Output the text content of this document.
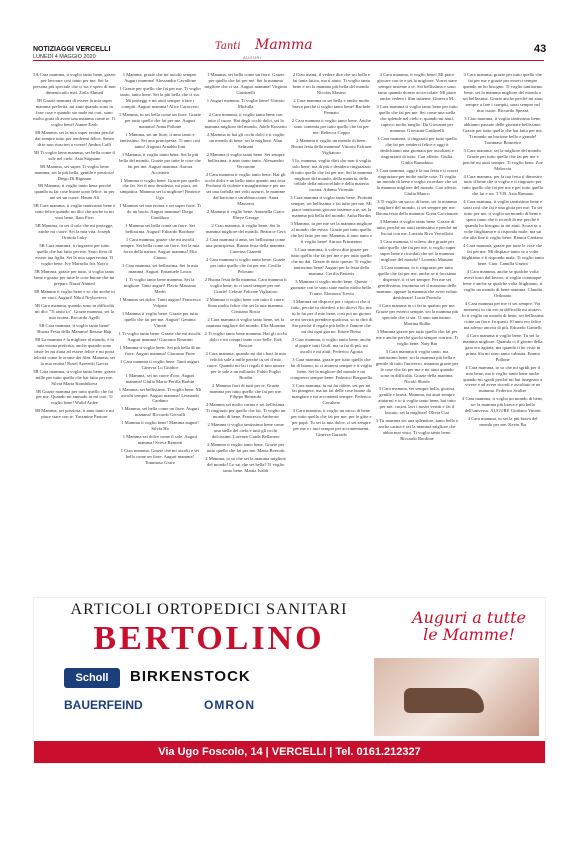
NOTIZIAGGI VERCELLI
LUNEDÌ 4 MAGGIO 2020
Tanti Mamma
AUGURI
43

5A Cara mamma, ti voglio tanto bene, grazie per lavorare così tanto per me. Sei la persona più speciale che ci sia e spero di non dimenticarlo mai. Zaila Ahmed

5B Grazie mamma di essere la mia super mamma preferita, mi aiuti quando sono in fase cose e quando sto male mi curi, sono molto grata di avere una mamma come te. Ti voglio bene! Aimee Ezeh

5B Mamma, sei la mia super eroina perché dai sempre tutto per rendermi felice. Senza di te non riuscirei a vivere! Ambra Caffi

5B Ti voglio bene mamma, sei bella come il sole nel cielo. Asia Stignano

5B Mamma, sei super. Ti voglio bene mamma, sei la più bella, gentile e preziosa! Diego Di Rignano

5B Mamma, ti voglio tanto bene perché quando tu fai cose buone sono felice, tu per me sei un cuore. Hasan Ali

5B Cara mamma, ti voglio tantissimo bene e sono felice quando mi dici che anche tu mi vuoi bene. Ilam Fieri

5B Mamma, tu sei il sole che mi protegge, anche mi cuore. Sei la mia vita. Joseph Orinola Luky

5B Cara mamma, ti ringrazio per tutto quello che hai fatto per me. Sono fiera di essere tua figlia. Sei la mia supereroina. Ti voglio bene. Ivy Marselia Iris Nayra

5B Mamma, grazie per tutto, ti voglio tanto bene e grazie per tutte le cose buone che mi prepari. Nazaf Ahmed

5B Mamma ti voglio bene e so che anche tu ne vuoi. Auguri! Nikol Nrybovievs

5B Cara mamma, quando sono in difficoltà mi dici "Ti aiuto io". Grazie mamma, sei la mia eroina. Riccardo Agelli

5B Cara mamma, ti voglio tanto bene! Buona Festa della Mamma! Rezaur Haji

5B La mamma è la migliore al mondo, è la mia eroina preferita, anche quando sono triste lei mi aiuta ad essere felice e mi porta felicità come le eroine dei film. Mamma, sei la mia eroina! Rosel Azevedo Garcia

5B Cara mamma, ti voglio tanto bene, grazie mille per tutto quello che hai fatto per me. Silvia Maria Kaushikova

5B Grazie mamma per tutto quello che fai per me. Quando mi ammalo tu mi curi. Ti voglio bene! Walid Ardee

5B Mamma, sei preziosa, ti amo tanto e mi piace stare con te. Yassmine Pastore

1 Mamma, grazie che mi ascolti sempre. Auguri mamma! Alessandro Cavallone

1 Grazie per quello che fai per me. Ti voglio tanto, tanto bene. Sei la più bella che ci sia. Mi proteggi e mi aiuti sempre a fare i compiti. Auguri mamma! Alice Caraccero

1 Mamma, tu sei bella come un fiore. Grazie per tutto quello che fai per me. Auguri mamma! Anna Pollone

1 Mamma, sei un fiore, ti amo tanto e tantissimo. Sei una principessa. Ti amo così tanto! Augusti Arnaldo Ioni

1 Mamma, ti voglio tanto bene. Sei la più bella del mondo. Grazie per tutte le cose che fai per me. Auguri mamma. Aurora Accettura

1 Mamma ti voglio bene. Grazie per quello che fai. Sei il mio desiderio, mi piaci, sei simpatica. Mamma sei la migliore! Beatrice Ugo

1 Mamma sei una eroina e sei super forte. Ti do un bacio. Auguri mamma! Diego Candiloro

1 Mamma sei bella come un fiore. Sei bellissima. Auguri! Edoardo Bordone

1 Cara mamma, grazie che mi ascolti sempre. Sei bella come un fiore. Sei la mia forza della natura. Auguri mamma! Elia Caruso

1 Ciao mamma, sei bellissima. Sei la mia mamma. Auguri. Emanuele Loscu

1 Ti voglio tanto bene mamma. Sei la migliore. Tanti auguri! Flavio Massimo Medri

1 Mamma sei dolce. Tanti auguri! Francesco Volpato

1 Mamma ti voglio bene. Grazie per tutto quello che fai per me. Auguri! Gemma Vinotti

1 Ti voglio tanto bene. Grazie che mi ascolti. Auguri mamma! Giacomo Rosmini

1 Mamma ti voglio bene. Sei più bella di un fiore. Auguri mamma! Giacomo Fiore

1 Cara mamma ti voglio bene. Tanti auguri. Ginevra Lo Giudice

1 Mamma, sei un cuore d'oro. Auguri mamma! Giulio Mario Perilla Barbin

1 Mamma, sei bellissima. Ti voglio bene. Mi ascolti sempre. Auguri mamma! Leonardo Cardano

1 Mamma, sei bella come un fiore. Auguri mamma! Riccardo Gervalli

1 Mamma ti voglio bene! Mamma auguri! Silvia Ha

1 Mamma sei dolce come il sole. Auguri mamma! Sveva Bernetti

1 Ciao mamma. Grazie che mi ascolti e sei bella come un fiore. Auguri mamma! Tommaso Grace

1 Mamma, sei bella come un fiore. Grazie per quello che fai per me. Sei la mamma migliore che ci sia. Auguri mamma! Virginia Guidarelli

1 Auguri mamma. Ti voglio bene! Vittorio Michilla

2 Cara mamma, ti voglio tanto bene con tutto il cuore. Hai degli occhi dolci, sei la mamma migliore del mondo. Adele Rossetto

2 Mamma tu hai gli occhi dolci e ti voglio un mondo di bene, sei la migliore. Alan Selmani

2 Mamma ti voglio tanto bene. Sei sempre bellissima, ti amo tanto tanto. Alessandro Vercarone

2 Cara mamma ti voglio tanto bene. Hai gli occhi dolci e un bello tanto quanto una rosa. Profumi di violette e margheritine e per me sei una farfalla nei volti azzurri, le mamme dal bacione e un abbraccione. Anna Masserra

2 Mamma ti voglio bene. Antonella Grace Ebeye George

2 Ciao mamma, ti voglio bene. Sei la mamma migliore del mondo. Beatrice Gera

2 Cara mamma ti amo, sei bellissima come una principessa. Buona festa della mamma. Caterina Gianetti

2 Cara mamma ti voglio tanto bene. Grazie per tutto quello che fai per me. Cecilia Pelosino

2 Buona festa della mamma. Cara mamma ti voglio bene, tu ci sarai sempre per me. Grazie! Celeste Falcone Vigliatoro

2 Mamma ti voglio bene con tutto il cuore. Sono molto felice che sei la mia mamma. Cristiano Rosio

2 Cara mamma ti voglio tanto bene, sei la mamma migliore del mondo. Elia Moarina

2 Ti voglio tanto bene mamma. Hai gli occhi dolci e mi compri tante cose belle. Erik Boscoe

2 Cara mamma, quando mi dai i baci la mia felicità sale a mille perché tu sei il mio cuore. Quando mi fai i regali il mio umore per te sale a un miliardo. Fabio Foglio Bordin

2 Mamma fiori di tutti per te. Grazie mamma per tutto quello che fai per me. Filippo Bernardo

2 Mamma sei molto carina e sei bellissima. Ti ringrazio per quello che fai. Ti voglio un mondo di bene. Francesca Ambrose

2 Mamma ti voglio tantissimo bene come una stella del cielo e tutti gli occhi dolcissimi. Lorenzo Garda Bellanero

2 Mamma ti voglio tanto bene. Grazie per tutto quello che fai per me. Maria Boerotti

2 Mamma, io so che sei la mamma migliore del mondo! Lo sai che sei bella? Ti voglio tanto bene. Mattia Ivaldi

2 Ciao mami, il vedere dire che sei bella e fai tanta fatica, ma ti aiuto. Ti voglio tanto bene e sei la mamma più bella del mondo. Nicolas Masino

2 Cara mamma tu sei bella e anche molto brava perché ti voglio tanto bene! Rachele Pennato

2 Cara mamma ti voglio tanto bene, Anche sono contenta per tutto quello che fai per me. Rebecca Coppo

2 Mamma ti voglio un mondo di bene. Buona festa della mamma! Vittorio Falcone Vigliatoro

3 Io, mamma, voglio dirti che non ti voglio solo bene, ma di più e desidero ringraziarti di tutto quello che fai per me. Sei la mamma migliore del mondo, della materia, delle cellule della microcellule e della materia oscura. Adamo Vicentin

3 Cara mamma ti voglio tanto bene. Profumi sempre, sei bellissima e fai tutto per me. Mi piace tantissimo giocare insieme a te, sei la mamma più bella del mondo. Anita Bordin

3 Mamma, tu per me sei la mamma migliore al mondo che esista. Grazie per tutto quello che hai fatto per me. Mamma, ti amo tanto e ti voglio bene! Aurora Primerano

3 Cara mamma, ti volevo dire grazie per tutto quello che fai per me e per tutto quello che mi dai. Grazie di tutto questo. Ti voglio tantissimo bene! Auguri per la festa della mamma. Cecilia Pasteris

3 Mamma ti voglio molto bene. Queste giornate con te sono state molto molto belle. Ti amo. Eleonora Treviu

3 Mamma mi disprace per i capricci che ti fatto, perché tu chiedevi e ho dicevi No, ma tu lo fai per il mio bene, così poi un giorno se mi servirà prendere qualcosa, so io dirò di Sto perché il regalo più bello è l'amore che mi dai ogni giorno. Ettore Bosso

3 Ciao mamma, ti voglio tanto bene, anche al papà e tutti Giuli, ma tu fai di più. mi ascolti e mi aiuti. Federico Agosta

3 Cara mamma, grazie per tutto quello che fai di buono, tu ci aiuterai sempre e ti voglio bene. Sei la migliore del mondo e mi comprerei sempre bene. Federico Borgarello

3 Cara mamma, tu mi fai ridere, sei per mi fai piangere, ma mi fai delle cose buone da mangiare e mi accontenti sempre. Federico Cavaliere

3 Cara mamma, ti voglio un sacco di bene per tutto quello che fai per me, per le gitte e per papà. Tu sei la mia dolce, ci sei sempre per me e i tuoi sempre per accontentarmi. Ginevra Gurrado

3 Cara mamma, ti voglio bene! Mi piace giocare con te e sei la migliore. Vorrei stare sempre insieme a te. Sei bellissima e sono tanto quando dormo accoccolate. Mi piace anche vedere i film insieme. Ginevra M.

3 Cara mamma ti voglio tanto bene per tutto quello che fai per me. Sei come una stella che splende nel cielo e, quando mi aiuti, capisco molto meglio. Da Giovanni per mamma. Giovanni Guidarelli

3 Cara mamma, ti ringrazio per tutto quello che fai per renderci felice e oggi ti dedichiamo una giornata per ascoltarti e ringraziarti di tutto. Con affetto. Giulia. Giulia Barnabino

3 Cara mamma, oggi è la tua festa e ti vorrei ringraziare per molte molte cose. Ti voglio un mondo di bene e voglio ricordare che sei la mamma migliore del mondo. Con affetto. Giulia Manco

3 Ti voglio un sacco di bene, sei la mamma migliore del mondo, ci sei sempre per me. Buona festa della mamma. Greta Caccianore

3 Mamma ti voglio tanto bene. Grazie di tutto, perché mi aiuti tantissimo e perché mi lisciui con me. Lavinia Riva Vercellotti

3 Cara mamma, ti volevo dire grazie per tutto quello che fai per me, ti voglio super super bene e ricordati che sei la mamma migliore del mondo!! Lorenzo Maiuine

3 Cara mamma, io ti ringrazio per tutto quello che fai per me, anche se ti facciamo disperare, ti ci sei sempre. Per me sei gentilissima, insomma sei il massimo delle mamme, oppure la mamma che avrei voluto desiderare! Lucia Pozzolo

3 Cara mamma tu ci fai in quattro per me. Grazie per esserci sempre, sei la mamma più speciale che ci sia. Ti amo tantissimo. Martina Rolbo

3 Mamma grazie per tutto quello che fai per me e anche perché giochi sempre con me. Ti voglio bene. Naty Rin

3 Cara mamma ti voglio tanto, ma tantissimo bene, sei la mamma più bella e gentile di tutto l'universo. mamma grazie per le cose che fai per me e mi aiuti quando sono in difficoltà. Grazie della mamma. Nicolò Sbrulo

3 Cara mamma, sei sempre bella, gioiosa, gentile e brava. Mamma, mi aiuti sempre aiutarmi e io ti voglio tanto bene, hai tutto per me: cucini, lavi i nostri vestiti e fai il bucato, sei la migliore! Olivia Ciai

3 Tu mamma sei una splendore, tanto bella e anche carina e sei la mamma migliore che abbia mai visto. Ti voglio tanto bene. Riccardo Bordone

3 Cara mamma, grazie per tutto quello che fai per me e grazie per esserci sempre quando ne ho bisogno. Ti voglio tantissimo bene, sei la mamma migliore del mondo e sei bellissima. Grazie anche perché mi aiuti sempre a fare i compiti, sarai sempre nel mio cuore. Riccardo Spezza

3 Ciao mamma, ti voglio tantissimo bene, abbiamo passato delle giornate bellissime. Grazie per tutto quello che hai fatto per me. Ti mando un bacione bello e grande! Tommaso Boarreiro

3 Cara mamma, sei la migliore del mondo. Grazie per tutto quello che fai per me e perché mi aiuti sempre. Ti voglio bene. Zoe Melaccia

4 Cara mamma, per la tua festa ti dimostro tutto il bene che ti voglio e ti ringrazio per tutto quello che fai per me e per tutto quello che fai e tra. T.V.B. Asia Romano

4 Cara mamma, ti voglio tantissimo bene e sarai così che fai è una gioia per me. Tu sei tutto per me, ti voglio un mondo di bene e spero tanto che ti ricordi di me perché è quando ho bisogno tu mi aiuti. Scusa se a volte litighiamo e ti rispondo male, ma sai che alla fine ti voglio bene. Bianca Cardano

4 Cara mamma, grazie per tutte le cose che fai per me. Mi dispiace tanto se a volte litighiamo e ti rispondo male. Ti voglio tanto bene. Ciao. Camilla Unzini

4 Cara mamma, anche se qualche volta avevi torto dal lavoro, ti voglio comunque bene e anche se qualche volta litighiamo, ti voglio un mondo di bene mamma. Claudia Ordonato

4 Cara mamma per me ci sei sempre. Voi momenti in cui ero in difficoltà mi aiutavi. Io ti voglio un mondo di bene, sei bellissima come un fiore. In questi 10 anni ero felice ma adesso ancora di più. Edoardo Gamelli

4 Cara mamma ti voglio bene. Tu sei la mamma migliore. Quando ci il giorno della gara ero agitata, ma quando ti ho visto in prima fila mi sono tanto calmata. Emma Pollone

4 Cara mamma, io so che mi sgridi per il mio bene, ma ti voglio tanto bene anche quando mi sgridi perché mi hai insegnato a vivere e ad avere ricordi e ascoltato te ne mamma. Federico Scalise

4 Cara mamma, ti voglio un mondo di bene, sei la mamma più brava e più bella dell'universo. AUGURI! Giuliano Vinotti

4 Cara mamma, tu sei la più brava del mondo per me. Kevin Bu

ARTICOLI ORTOPEDICI SANITARI
BERTOLINO
Auguri a tutte le Mamme!
Scholl	BIRKENSTOCK
BAUERFEIND	OMRON
Via Ugo Foscolo, 14 | VERCELLI | Tel. 0161.212327
